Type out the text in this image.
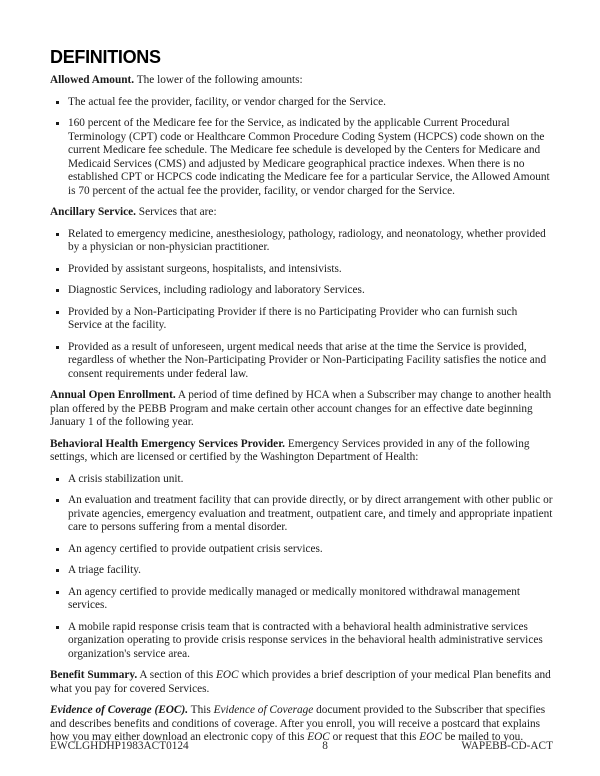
DEFINITIONS
Allowed Amount. The lower of the following amounts:
The actual fee the provider, facility, or vendor charged for the Service.
160 percent of the Medicare fee for the Service, as indicated by the applicable Current Procedural Terminology (CPT) code or Healthcare Common Procedure Coding System (HCPCS) code shown on the current Medicare fee schedule. The Medicare fee schedule is developed by the Centers for Medicare and Medicaid Services (CMS) and adjusted by Medicare geographical practice indexes. When there is no established CPT or HCPCS code indicating the Medicare fee for a particular Service, the Allowed Amount is 70 percent of the actual fee the provider, facility, or vendor charged for the Service.
Ancillary Service. Services that are:
Related to emergency medicine, anesthesiology, pathology, radiology, and neonatology, whether provided by a physician or non-physician practitioner.
Provided by assistant surgeons, hospitalists, and intensivists.
Diagnostic Services, including radiology and laboratory Services.
Provided by a Non-Participating Provider if there is no Participating Provider who can furnish such Service at the facility.
Provided as a result of unforeseen, urgent medical needs that arise at the time the Service is provided, regardless of whether the Non-Participating Provider or Non-Participating Facility satisfies the notice and consent requirements under federal law.
Annual Open Enrollment. A period of time defined by HCA when a Subscriber may change to another health plan offered by the PEBB Program and make certain other account changes for an effective date beginning January 1 of the following year.
Behavioral Health Emergency Services Provider. Emergency Services provided in any of the following settings, which are licensed or certified by the Washington Department of Health:
A crisis stabilization unit.
An evaluation and treatment facility that can provide directly, or by direct arrangement with other public or private agencies, emergency evaluation and treatment, outpatient care, and timely and appropriate inpatient care to persons suffering from a mental disorder.
An agency certified to provide outpatient crisis services.
A triage facility.
An agency certified to provide medically managed or medically monitored withdrawal management services.
A mobile rapid response crisis team that is contracted with a behavioral health administrative services organization operating to provide crisis response services in the behavioral health administrative services organization's service area.
Benefit Summary. A section of this EOC which provides a brief description of your medical Plan benefits and what you pay for covered Services.
Evidence of Coverage (EOC). This Evidence of Coverage document provided to the Subscriber that specifies and describes benefits and conditions of coverage. After you enroll, you will receive a postcard that explains how you may either download an electronic copy of this EOC or request that this EOC be mailed to you.
EWCLGHDHP1983ACT0124	8	WAPEBB-CD-ACT
